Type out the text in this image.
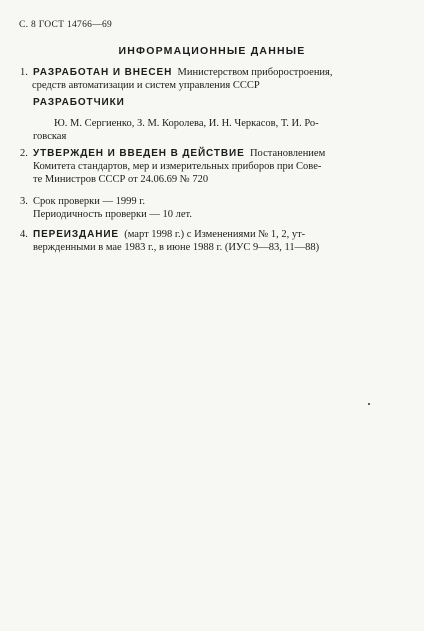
С. 8 ГОСТ 14766—69
ИНФОРМАЦИОННЫЕ ДАННЫЕ
1. РАЗРАБОТАН И ВНЕСЕН Министерством приборостроения,
средств автоматизации и систем управления СССР
РАЗРАБОТЧИКИ
Ю. М. Сергиенко, З. М. Королева, И. Н. Черкасов, Т. И. Ро-
говская
2. УТВЕРЖДЕН И ВВЕДЕН В ДЕЙСТВИЕ Постановлением
Комитета стандартов, мер и измерительных приборов при Сове-
те Министров СССР от 24.06.69 № 720
3. Срок проверки — 1999 г.
Периодичность проверки — 10 лет.
4. ПЕРЕИЗДАНИЕ (март 1998 г.) с Изменениями № 1, 2, ут-
вержденными в мае 1983 г., в июне 1988 г. (ИУС 9—83, 11—88)
